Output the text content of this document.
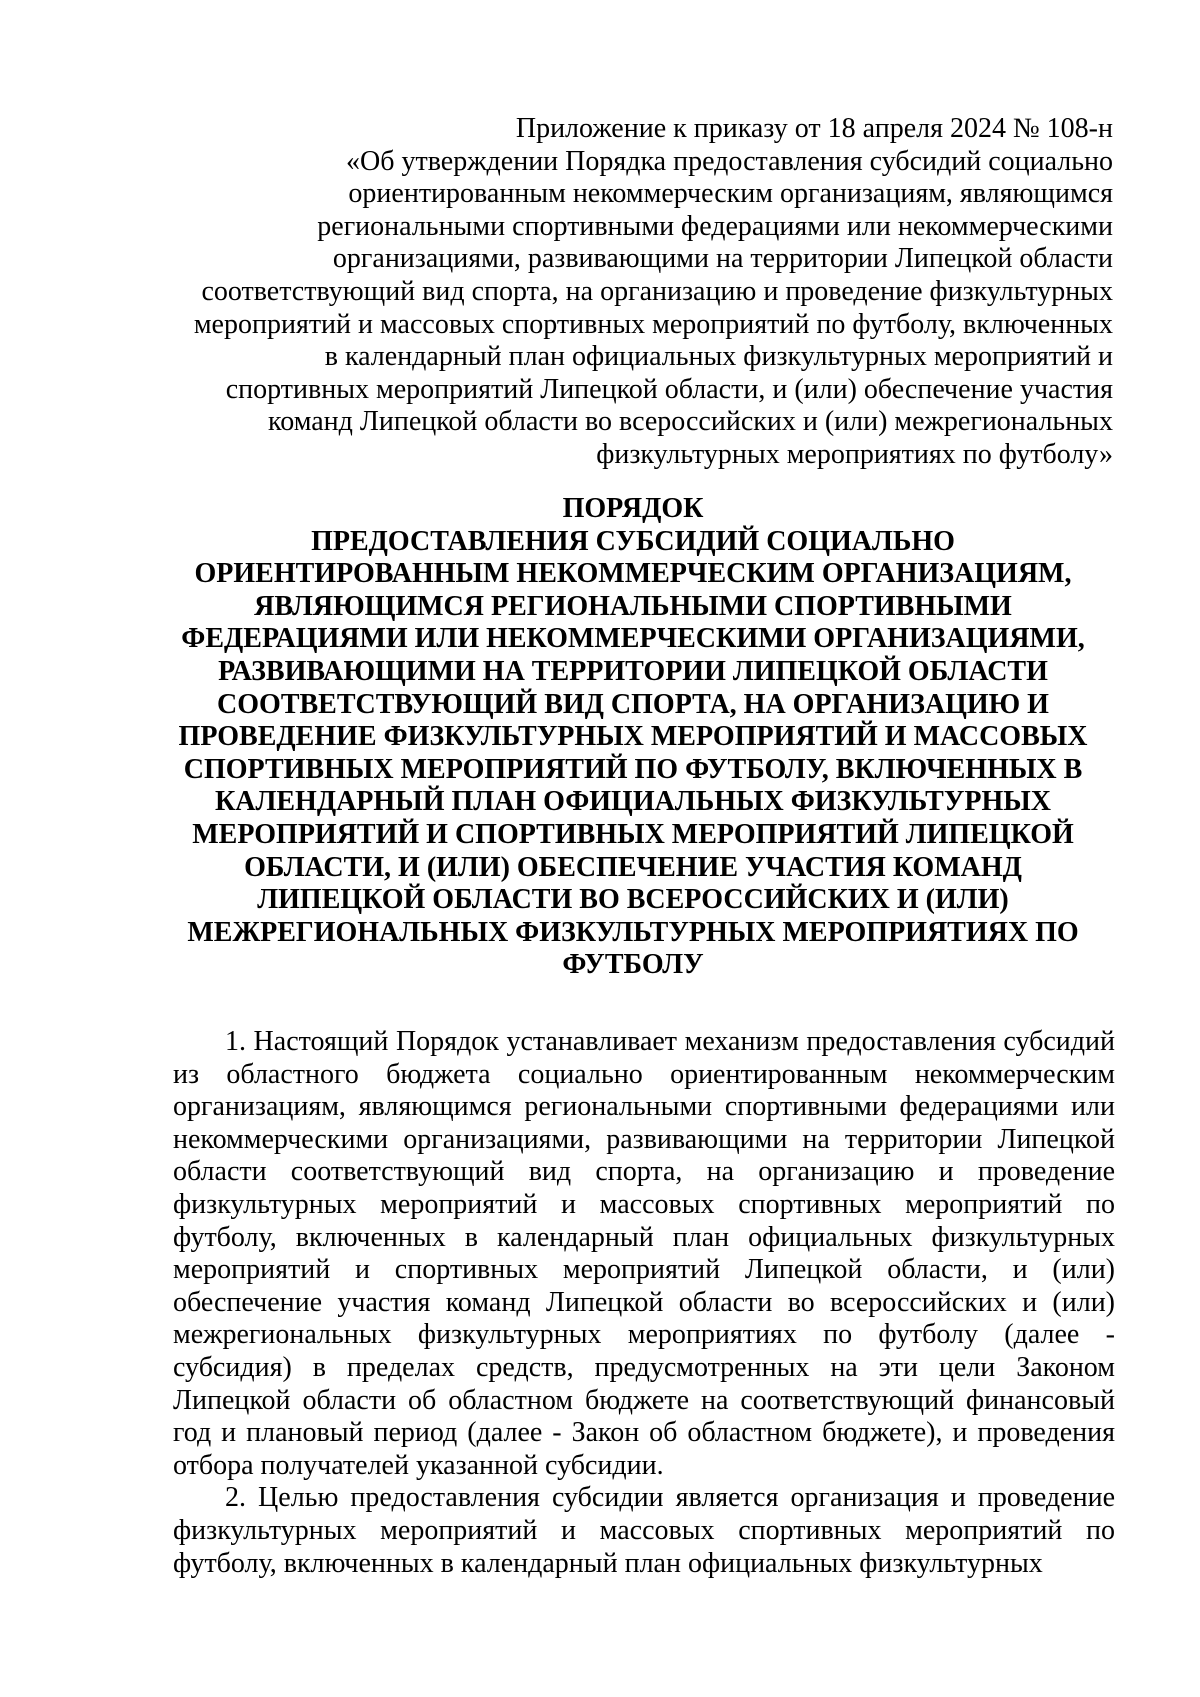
Приложение к приказу от 18 апреля 2024 № 108-н
«Об утверждении Порядка предоставления субсидий социально
ориентированным некоммерческим организациям, являющимся
региональными спортивными федерациями или некоммерческими
организациями, развивающими на территории Липецкой области
соответствующий вид спорта, на организацию и проведение физкультурных
мероприятий и массовых спортивных мероприятий по футболу, включенных
в календарный план официальных физкультурных мероприятий и
спортивных мероприятий Липецкой области, и (или) обеспечение участия
команд Липецкой области во всероссийских и (или) межрегиональных
физкультурных мероприятиях по футболу»
ПОРЯДОК
ПРЕДОСТАВЛЕНИЯ СУБСИДИЙ СОЦИАЛЬНО
ОРИЕНТИРОВАННЫМ НЕКОММЕРЧЕСКИМ ОРГАНИЗАЦИЯМ,
ЯВЛЯЮЩИМСЯ РЕГИОНАЛЬНЫМИ СПОРТИВНЫМИ
ФЕДЕРАЦИЯМИ ИЛИ НЕКОММЕРЧЕСКИМИ ОРГАНИЗАЦИЯМИ,
РАЗВИВАЮЩИМИ НА ТЕРРИТОРИИ ЛИПЕЦКОЙ ОБЛАСТИ
СООТВЕТСТВУЮЩИЙ ВИД СПОРТА, НА ОРГАНИЗАЦИЮ И
ПРОВЕДЕНИЕ ФИЗКУЛЬТУРНЫХ МЕРОПРИЯТИЙ И МАССОВЫХ
СПОРТИВНЫХ МЕРОПРИЯТИЙ ПО ФУТБОЛУ, ВКЛЮЧЕННЫХ В
КАЛЕНДАРНЫЙ ПЛАН ОФИЦИАЛЬНЫХ ФИЗКУЛЬТУРНЫХ
МЕРОПРИЯТИЙ И СПОРТИВНЫХ МЕРОПРИЯТИЙ ЛИПЕЦКОЙ
ОБЛАСТИ, И (ИЛИ) ОБЕСПЕЧЕНИЕ УЧАСТИЯ КОМАНД
ЛИПЕЦКОЙ ОБЛАСТИ ВО ВСЕРОССИЙСКИХ И (ИЛИ)
МЕЖРЕГИОНАЛЬНЫХ ФИЗКУЛЬТУРНЫХ МЕРОПРИЯТИЯХ ПО
ФУТБОЛУ

1. Настоящий Порядок устанавливает механизм предоставления субсидий из областного бюджета социально ориентированным некоммерческим организациям, являющимся региональными спортивными федерациями или некоммерческими организациями, развивающими на территории Липецкой области соответствующий вид спорта, на организацию и проведение физкультурных мероприятий и массовых спортивных мероприятий по футболу, включенных в календарный план официальных физкультурных мероприятий и спортивных мероприятий Липецкой области, и (или) обеспечение участия команд Липецкой области во всероссийских и (или) межрегиональных физкультурных мероприятиях по футболу (далее - субсидия) в пределах средств, предусмотренных на эти цели Законом Липецкой области об областном бюджете на соответствующий финансовый год и плановый период (далее - Закон об областном бюджете), и проведения отбора получателей указанной субсидии.

2. Целью предоставления субсидии является организация и проведение физкультурных мероприятий и массовых спортивных мероприятий по футболу, включенных в календарный план официальных физкультурных
